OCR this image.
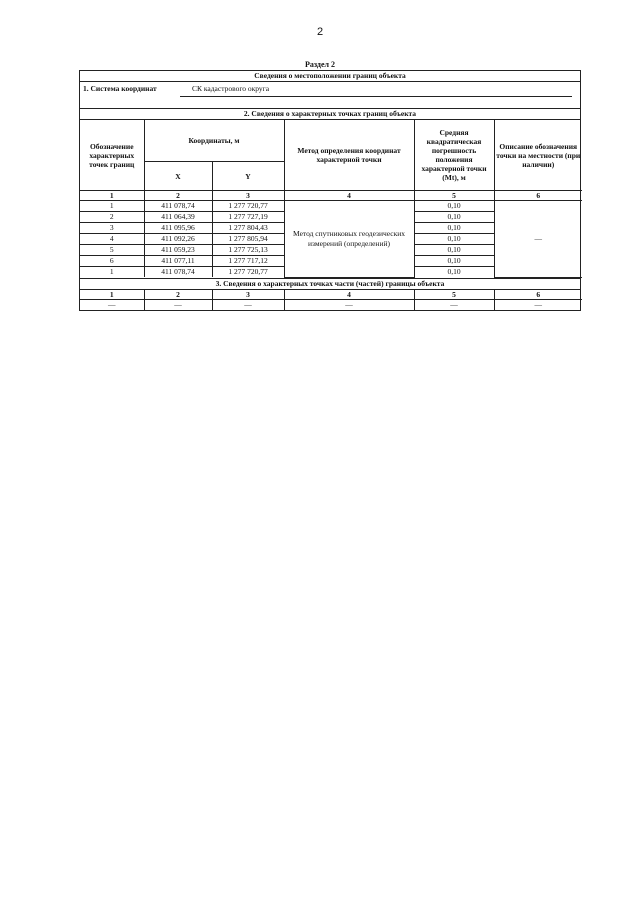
2
Раздел 2
Сведения о местоположении границ объекта
1. Система координат	СК кадастрового округа
2. Сведения о характерных точках границ объекта
Обозначение характерных точек границ	Координаты, м		Метод определения координат характерной точки	Средняя квадратическая погрешность положения характерной точки (Mt), м	Описание обозначения точки на местности (при наличии)
	X	Y			
1	2	3	4	5	6
1	411 078,74	1 277 720,77	Метод спутниковых геодезических измерений (определений)	0,10	—
2	411 064,39	1 277 727,19		0,10	
3	411 095,96	1 277 804,43		0,10	
4	411 092,26	1 277 805,94		0,10	
5	411 059,23	1 277 725,13		0,10	
6	411 077,11	1 277 717,12		0,10	
1	411 078,74	1 277 720,77		0,10	
3. Сведения о характерных точках части (частей) границы объекта
1	2	3	4	5	6
—	—	—	—	—	—
